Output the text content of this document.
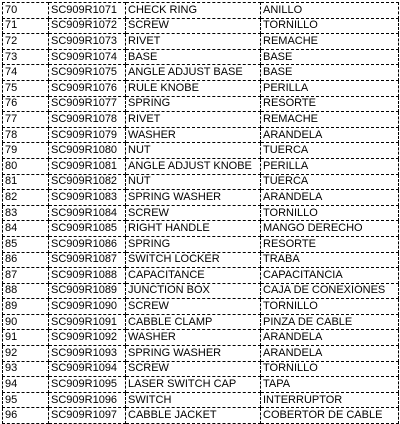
70	SC909R1071	CHECK RING	ANILLO
71	SC909R1072	SCREW	TORNILLO
72	SC909R1073	RIVET	REMACHE
73	SC909R1074	BASE	BASE
74	SC909R1075	ANGLE ADJUST BASE	BASE
75	SC909R1076	RULE KNOBE	PERILLA
76	SC909R1077	SPRING	RESORTE
77	SC909R1078	RIVET	REMACHE
78	SC909R1079	WASHER	ARANDELA
79	SC909R1080	NUT	TUERCA
80	SC909R1081	ANGLE ADJUST KNOBE	PERILLA
81	SC909R1082	NUT	TUERCA
82	SC909R1083	SPRING WASHER	ARANDELA
83	SC909R1084	SCREW	TORNILLO
84	SC909R1085	RIGHT HANDLE	MANGO DERECHO
85	SC909R1086	SPRING	RESORTE
86	SC909R1087	SWITCH LOCKER	TRABA
87	SC909R1088	CAPACITANCE	CAPACITANCIA
88	SC909R1089	JUNCTION BOX	CAJA DE CONEXIONES
89	SC909R1090	SCREW	TORNILLO
90	SC909R1091	CABBLE CLAMP	PINZA DE CABLE
91	SC909R1092	WASHER	ARANDELA
92	SC909R1093	SPRING WASHER	ARANDELA
93	SC909R1094	SCREW	TORNILLO
94	SC909R1095	LASER SWITCH CAP	TAPA
95	SC909R1096	SWITCH	INTERRUPTOR
96	SC909R1097	CABBLE JACKET	COBERTOR DE CABLE
